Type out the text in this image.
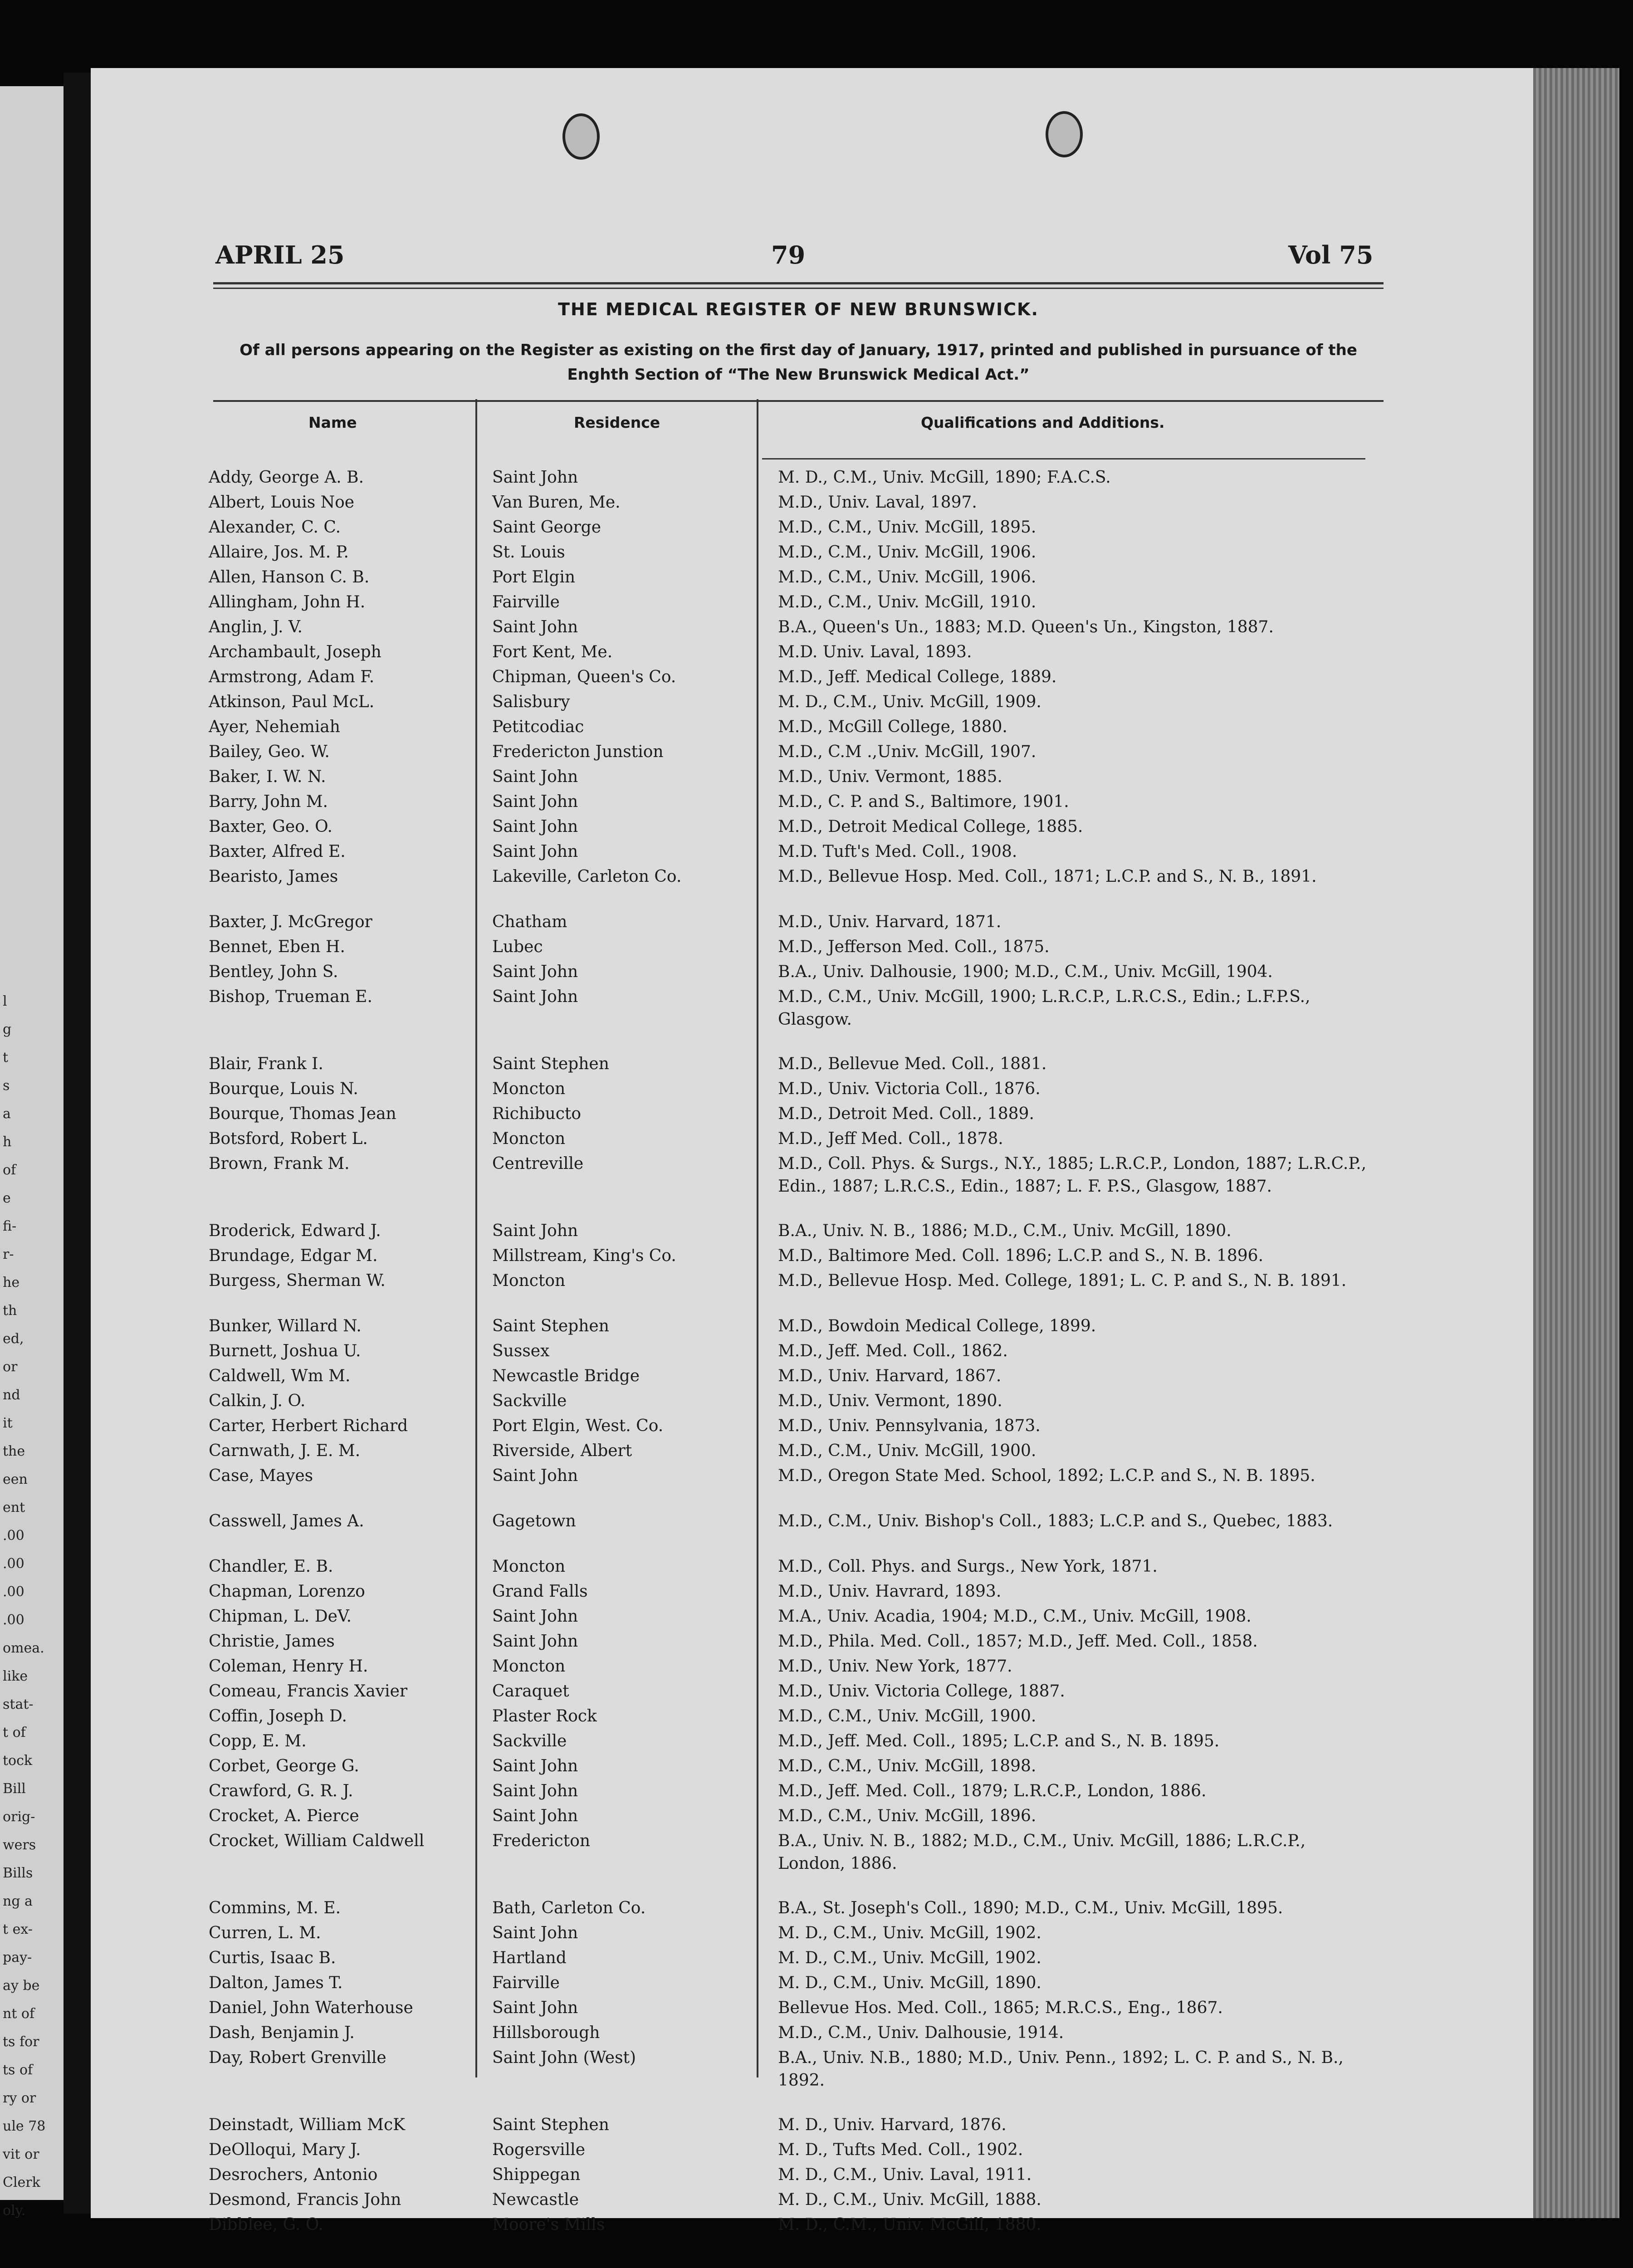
l
g
t
s
a
h
of
e
fi-
r-
he
th
ed,
or
nd
it
the
een
ent
.00
.00
.00
.00
omea.
like
stat-
t of
tock
Bill
orig-
wers
Bills
ng a
t ex-
pay-
ay be
nt of
ts for
ts of
ry or
ule 78
vit or
Clerk
oly.
APRIL 25	79	Vol 75
THE MEDICAL REGISTER OF NEW BRUNSWICK.
Of all persons appearing on the Register as existing on the first day of January, 1917, printed and published in pursuance of the Enghth Section of “The New Brunswick Medical Act.”
Name	Residence	Qualifications and Additions.
Addy, George A. B.	Saint John	M. D., C.M., Univ. McGill, 1890; F.A.C.S.
Albert, Louis Noe	Van Buren, Me.	M.D., Univ. Laval, 1897.
Alexander, C. C.	Saint George	M.D., C.M., Univ. McGill, 1895.
Allaire, Jos. M. P.	St. Louis	M.D., C.M., Univ. McGill, 1906.
Allen, Hanson C. B.	Port Elgin	M.D., C.M., Univ. McGill, 1906.
Allingham, John H.	Fairville	M.D., C.M., Univ. McGill, 1910.
Anglin, J. V.	Saint John	B.A., Queen's Un., 1883; M.D. Queen's Un., Kingston, 1887.
Archambault, Joseph	Fort Kent, Me.	M.D. Univ. Laval, 1893.
Armstrong, Adam F.	Chipman, Queen's Co.	M.D., Jeff. Medical College, 1889.
Atkinson, Paul McL.	Salisbury	M. D., C.M., Univ. McGill, 1909.
Ayer, Nehemiah	Petitcodiac	M.D., McGill College, 1880.
Bailey, Geo. W.	Fredericton Junstion	M.D., C.M .,Univ. McGill, 1907.
Baker, I. W. N.	Saint John	M.D., Univ. Vermont, 1885.
Barry, John M.	Saint John	M.D., C. P. and S., Baltimore, 1901.
Baxter, Geo. O.	Saint John	M.D., Detroit Medical College, 1885.
Baxter, Alfred E.	Saint John	M.D. Tuft's Med. Coll., 1908.
Bearisto, James	Lakeville, Carleton Co.	M.D., Bellevue Hosp. Med. Coll., 1871; L.C.P. and S., N. B., 1891.
Baxter, J. McGregor	Chatham	M.D., Univ. Harvard, 1871.
Bennet, Eben H.	Lubec	M.D., Jefferson Med. Coll., 1875.
Bentley, John S.	Saint John	B.A., Univ. Dalhousie, 1900; M.D., C.M., Univ. McGill, 1904.
Bishop, Trueman E.	Saint John	M.D., C.M., Univ. McGill, 1900; L.R.C.P., L.R.C.S., Edin.; L.F.P.S., Glasgow.
Blair, Frank I.	Saint Stephen	M.D., Bellevue Med. Coll., 1881.
Bourque, Louis N.	Moncton	M.D., Univ. Victoria Coll., 1876.
Bourque, Thomas Jean	Richibucto	M.D., Detroit Med. Coll., 1889.
Botsford, Robert L.	Moncton	M.D., Jeff Med. Coll., 1878.
Brown, Frank M.	Centreville	M.D., Coll. Phys. & Surgs., N.Y., 1885; L.R.C.P., London, 1887; L.R.C.P., Edin., 1887; L.R.C.S., Edin., 1887; L. F. P.S., Glasgow, 1887.
Broderick, Edward J.	Saint John	B.A., Univ. N. B., 1886; M.D., C.M., Univ. McGill, 1890.
Brundage, Edgar M.	Millstream, King's Co.	M.D., Baltimore Med. Coll. 1896; L.C.P. and S., N. B. 1896.
Burgess, Sherman W.	Moncton	M.D., Bellevue Hosp. Med. College, 1891; L. C. P. and S., N. B. 1891.
Bunker, Willard N.	Saint Stephen	M.D., Bowdoin Medical College, 1899.
Burnett, Joshua U.	Sussex	M.D., Jeff. Med. Coll., 1862.
Caldwell, Wm M.	Newcastle Bridge	M.D., Univ. Harvard, 1867.
Calkin, J. O.	Sackville	M.D., Univ. Vermont, 1890.
Carter, Herbert Richard	Port Elgin, West. Co.	M.D., Univ. Pennsylvania, 1873.
Carnwath, J. E. M.	Riverside, Albert	M.D., C.M., Univ. McGill, 1900.
Case, Mayes	Saint John	M.D., Oregon State Med. School, 1892; L.C.P. and S., N. B. 1895.
Casswell, James A.	Gagetown	M.D., C.M., Univ. Bishop's Coll., 1883; L.C.P. and S., Quebec, 1883.
Chandler, E. B.	Moncton	M.D., Coll. Phys. and Surgs., New York, 1871.
Chapman, Lorenzo	Grand Falls	M.D., Univ. Havrard, 1893.
Chipman, L. DeV.	Saint John	M.A., Univ. Acadia, 1904; M.D., C.M., Univ. McGill, 1908.
Christie, James	Saint John	M.D., Phila. Med. Coll., 1857; M.D., Jeff. Med. Coll., 1858.
Coleman, Henry H.	Moncton	M.D., Univ. New York, 1877.
Comeau, Francis Xavier	Caraquet	M.D., Univ. Victoria College, 1887.
Coffin, Joseph D.	Plaster Rock	M.D., C.M., Univ. McGill, 1900.
Copp, E. M.	Sackville	M.D., Jeff. Med. Coll., 1895; L.C.P. and S., N. B. 1895.
Corbet, George G.	Saint John	M.D., C.M., Univ. McGill, 1898.
Crawford, G. R. J.	Saint John	M.D., Jeff. Med. Coll., 1879; L.R.C.P., London, 1886.
Crocket, A. Pierce	Saint John	M.D., C.M., Univ. McGill, 1896.
Crocket, William Caldwell	Fredericton	B.A., Univ. N. B., 1882; M.D., C.M., Univ. McGill, 1886; L.R.C.P., London, 1886.
Commins, M. E.	Bath, Carleton Co.	B.A., St. Joseph's Coll., 1890; M.D., C.M., Univ. McGill, 1895.
Curren, L. M.	Saint John	M. D., C.M., Univ. McGill, 1902.
Curtis, Isaac B.	Hartland	M. D., C.M., Univ. McGill, 1902.
Dalton, James T.	Fairville	M. D., C.M., Univ. McGill, 1890.
Daniel, John Waterhouse	Saint John	Bellevue Hos. Med. Coll., 1865; M.R.C.S., Eng., 1867.
Dash, Benjamin J.	Hillsborough	M.D., C.M., Univ. Dalhousie, 1914.
Day, Robert Grenville	Saint John (West)	B.A., Univ. N.B., 1880; M.D., Univ. Penn., 1892; L. C. P. and S., N. B., 1892.
Deinstadt, William McK	Saint Stephen	M. D., Univ. Harvard, 1876.
DeOlloqui, Mary J.	Rogersville	M. D., Tufts Med. Coll., 1902.
Desrochers, Antonio	Shippegan	M. D., C.M., Univ. Laval, 1911.
Desmond, Francis John	Newcastle	M. D., C.M., Univ. McGill, 1888.
Dibblee, G. O.	Moore's Mills	M. D., C.M., Univ. McGill, 1880.
